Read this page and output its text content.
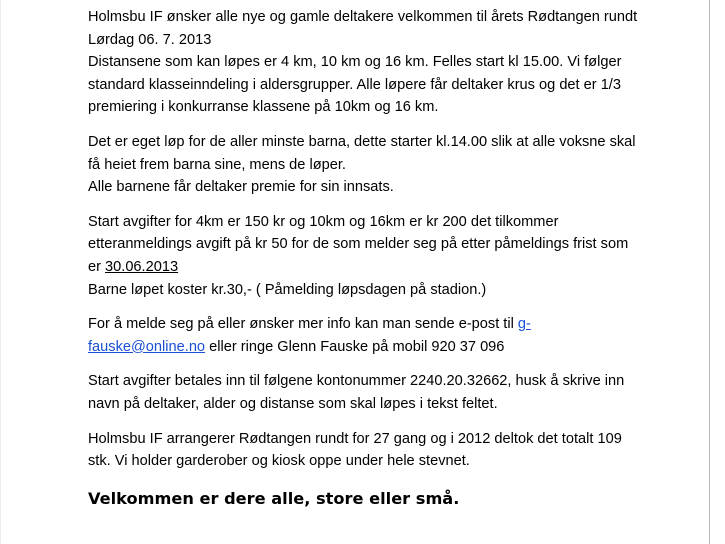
Holmsbu IF ønsker alle nye og gamle deltakere velkommen til årets Rødtangen rundt
Lørdag 06. 7. 2013
Distansene som kan løpes er 4 km, 10 km og 16 km. Felles start kl 15.00. Vi følger
standard klasseinndeling i aldersgrupper. Alle løpere får deltaker krus og det er 1/3
premiering i konkurranse klassene på 10km og 16 km.

Det er eget løp for de aller minste barna, dette starter kl.14.00 slik at alle voksne skal
få heiet frem barna sine, mens de løper.
Alle barnene får deltaker premie for sin innsats.

Start avgifter for 4km er 150 kr og 10km og 16km er kr 200 det tilkommer
etteranmeldings avgift på kr 50 for de som melder seg på etter påmeldings frist som
er 30.06.2013
Barne løpet koster kr.30,- ( Påmelding løpsdagen på stadion.)

For å melde seg på eller ønsker mer info kan man sende e-post til g-
fauske@online.no eller ringe Glenn Fauske på mobil 920 37 096

Start avgifter betales inn til følgene kontonummer 2240.20.32662, husk å skrive inn
navn på deltaker, alder og distanse som skal løpes i tekst feltet.

Holmsbu IF arrangerer Rødtangen rundt for 27 gang og i 2012 deltok det totalt 109
stk. Vi holder garderober og kiosk oppe under hele stevnet.

Velkommen er dere alle, store eller små.
